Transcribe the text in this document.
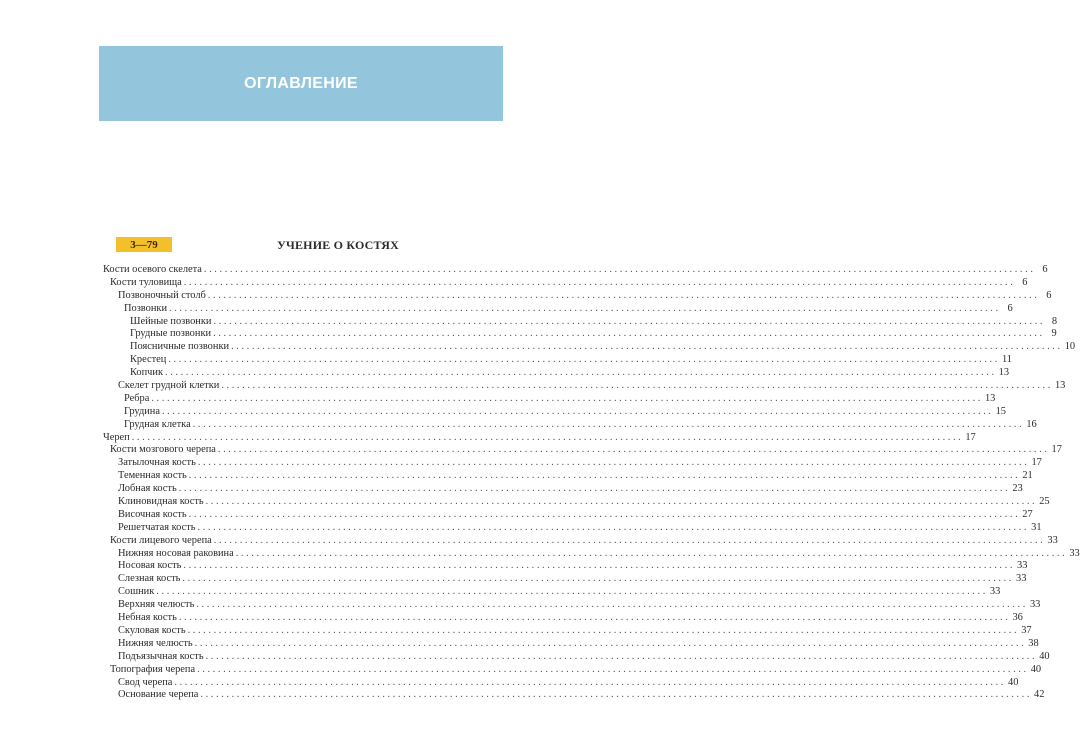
ОГЛАВЛЕНИЕ
3—79	УЧЕНИЕ О КОСТЯХ
Кости осевого скелета ................................................................................................................................................................ 6
Кости туловища ................................................................................................................................................................ 6
Позвоночный столб ................................................................................................................................................................ 6
Позвонки ................................................................................................................................................................ 6
Шейные позвонки ................................................................................................................................................................ 8
Грудные позвонки ................................................................................................................................................................ 9
Поясничные позвонки ................................................................................................................................................................ 10
Крестец ................................................................................................................................................................ 11
Копчик ................................................................................................................................................................ 13
Скелет грудной клетки ................................................................................................................................................................ 13
Ребра ................................................................................................................................................................ 13
Грудина ................................................................................................................................................................ 15
Грудная клетка ................................................................................................................................................................ 16
Череп ................................................................................................................................................................ 17
Кости мозгового черепа ................................................................................................................................................................ 17
Затылочная кость ................................................................................................................................................................ 17
Теменная кость ................................................................................................................................................................ 21
Лобная кость ................................................................................................................................................................ 23
Клиновидная кость ................................................................................................................................................................ 25
Височная кость ................................................................................................................................................................ 27
Решетчатая кость ................................................................................................................................................................ 31
Кости лицевого черепа ................................................................................................................................................................ 33
Нижняя носовая раковина ................................................................................................................................................................ 33
Носовая кость ................................................................................................................................................................ 33
Слезная кость ................................................................................................................................................................ 33
Сошник ................................................................................................................................................................ 33
Верхняя челюсть ................................................................................................................................................................ 33
Небная кость ................................................................................................................................................................ 36
Скуловая кость ................................................................................................................................................................ 37
Нижняя челюсть ................................................................................................................................................................ 38
Подъязычная кость ................................................................................................................................................................ 40
Топография черепа ................................................................................................................................................................ 40
Свод черепа ................................................................................................................................................................ 40
Основание черепа ................................................................................................................................................................ 42
